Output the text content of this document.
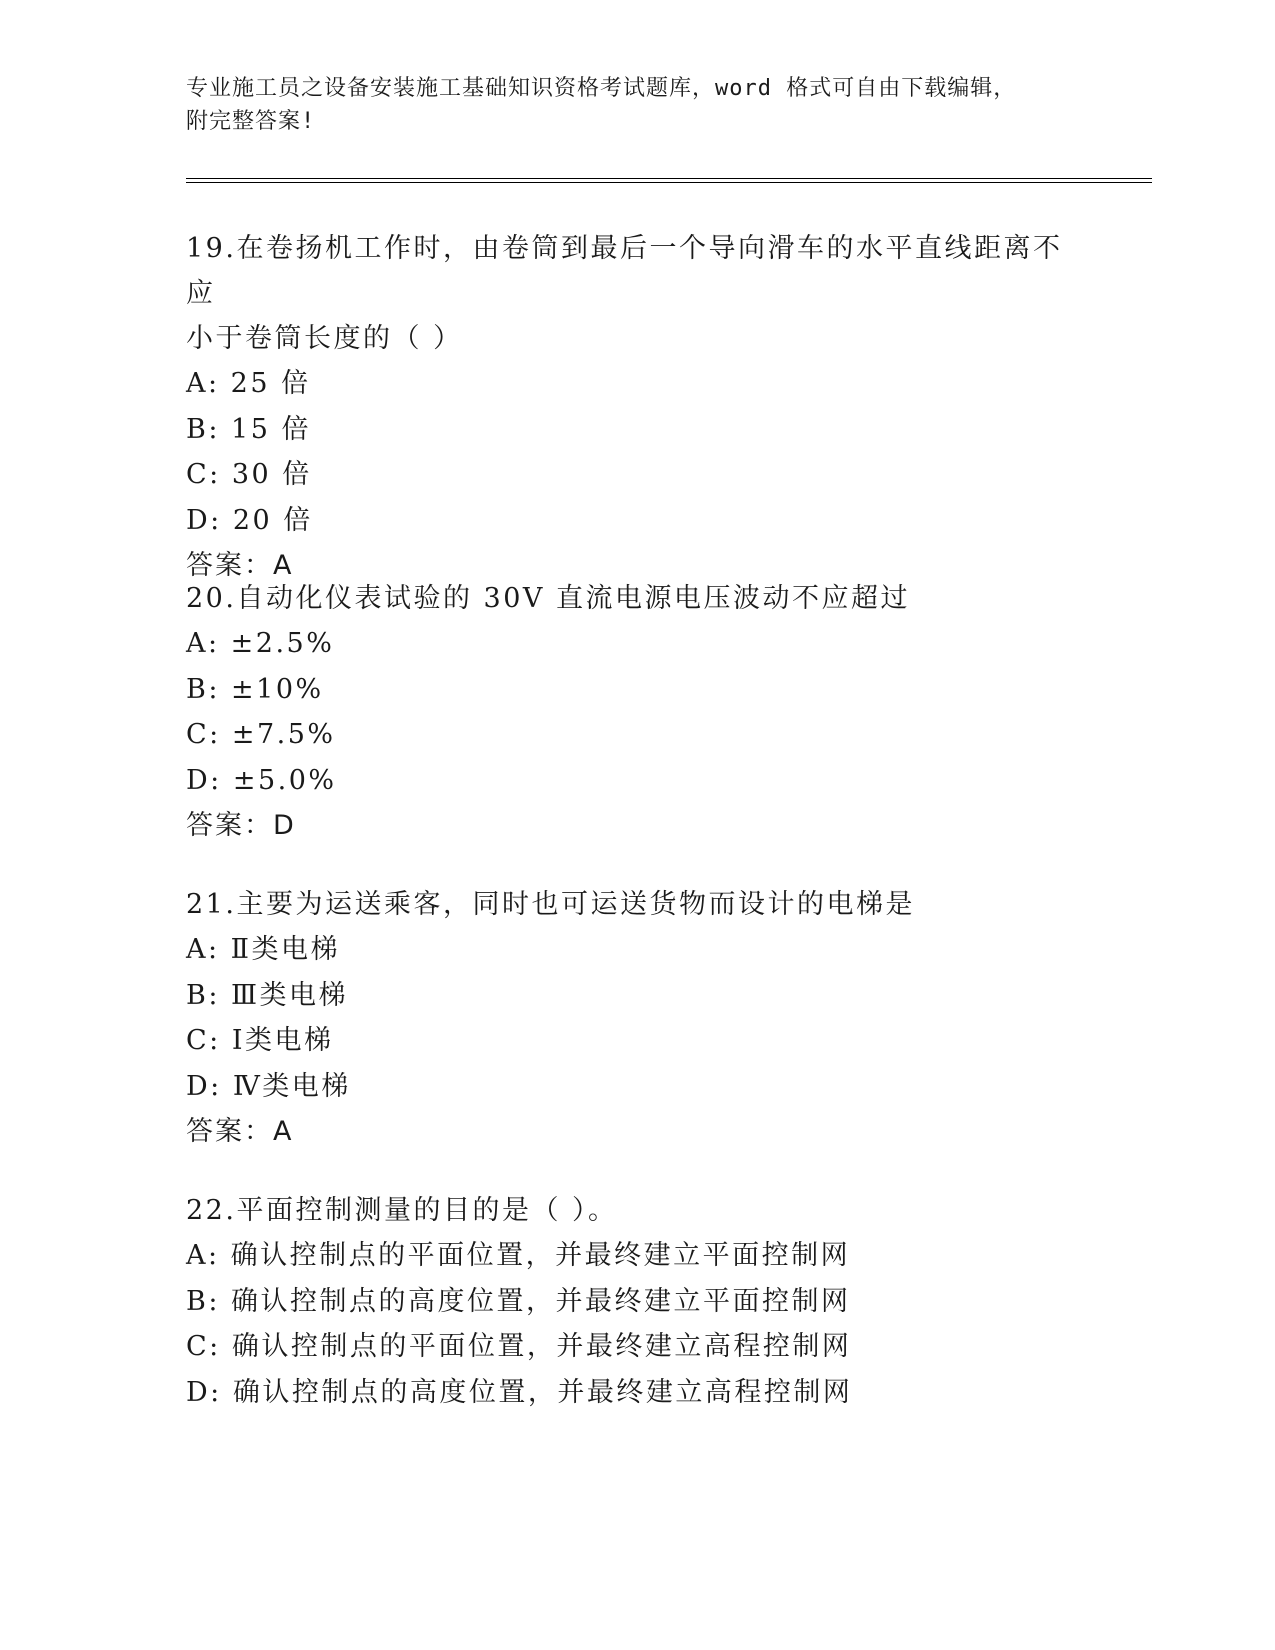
专业施工员之设备安装施工基础知识资格考试题库，word 格式可自由下载编辑，
附完整答案!

19.在卷扬机工作时，由卷筒到最后一个导向滑车的水平直线距离不应

小于卷筒长度的（ ）

A: 25 倍

B: 15 倍

C: 30 倍

D: 20 倍

答案：A

20.自动化仪表试验的 30V 直流电源电压波动不应超过

A: ±2.5%

B: ±10%

C: ±7.5%

D: ±5.0%

答案：D

21.主要为运送乘客，同时也可运送货物而设计的电梯是

A: Ⅱ类电梯

B: Ⅲ类电梯

C: Ⅰ类电梯

D: Ⅳ类电梯

答案：A

22.平面控制测量的目的是（ ）。

A: 确认控制点的平面位置，并最终建立平面控制网

B: 确认控制点的高度位置，并最终建立平面控制网

C: 确认控制点的平面位置，并最终建立高程控制网

D: 确认控制点的高度位置，并最终建立高程控制网
